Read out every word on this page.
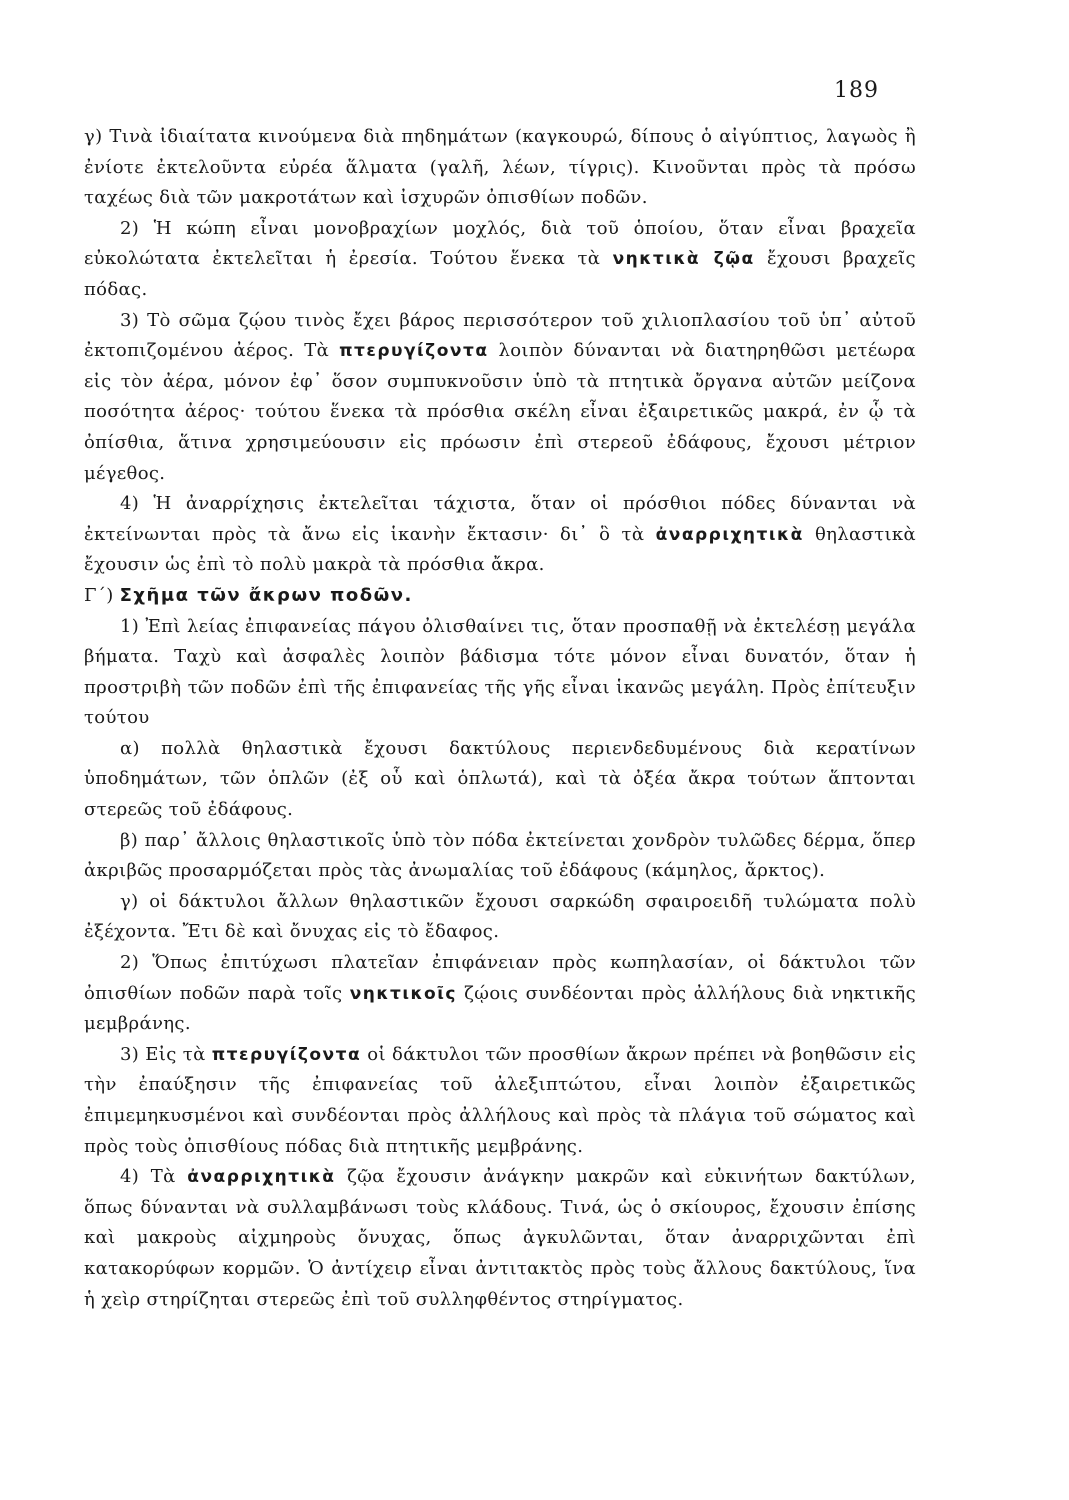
189

γ) Τινὰ ἰδιαίτατα κινούμενα διὰ πηδημάτων (καγκουρώ, δίπους ὁ αἰγύπτιος, λαγωὸς ἢ ἐνίοτε ἐκτελοῦντα εὐρέα ἅλματα (γαλῆ, λέων, τίγρις). Κινοῦνται πρὸς τὰ πρόσω ταχέως διὰ τῶν μακροτάτων καὶ ἰσχυρῶν ὀπισθίων ποδῶν.

2) Ἡ κώπη εἶναι μονοβραχίων μοχλός, διὰ τοῦ ὁποίου, ὅταν εἶναι βραχεῖα εὐκολώτατα ἐκτελεῖται ἡ ἐρεσία. Τούτου ἕνεκα τὰ νηκτικὰ ζῷα ἔχουσι βραχεῖς πόδας.

3) Τὸ σῶμα ζῴου τινὸς ἔχει βάρος περισσότερον τοῦ χιλιοπλασίου τοῦ ὑπ᾽ αὐτοῦ ἐκτοπιζομένου ἀέρος. Τὰ πτερυγίζοντα λοιπὸν δύνανται νὰ διατηρηθῶσι μετέωρα εἰς τὸν ἀέρα, μόνον ἐφ᾽ ὅσον συμπυκνοῦσιν ὑπὸ τὰ πτητικὰ ὄργανα αὐτῶν μείζονα ποσότητα ἀέρος· τούτου ἕνεκα τὰ πρόσθια σκέλη εἶναι ἐξαιρετικῶς μακρά, ἐν ᾧ τὰ ὀπίσθια, ἅτινα χρησιμεύουσιν εἰς πρόωσιν ἐπὶ στερεοῦ ἐδάφους, ἔχουσι μέτριον μέγεθος.

4) Ἡ ἀναρρίχησις ἐκτελεῖται τάχιστα, ὅταν οἱ πρόσθιοι πόδες δύνανται νὰ ἐκτείνωνται πρὸς τὰ ἄνω εἰς ἱκανὴν ἔκτασιν· δι᾽ ὃ τὰ ἀναρριχητικὰ θηλαστικὰ ἔχουσιν ὡς ἐπὶ τὸ πολὺ μακρὰ τὰ πρόσθια ἄκρα.

Γ΄) Σχῆμα τῶν ἄκρων ποδῶν.

1) Ἐπὶ λείας ἐπιφανείας πάγου ὀλισθαίνει τις, ὅταν προσπαθῇ νὰ ἐκτελέσῃ μεγάλα βήματα. Ταχὺ καὶ ἀσφαλὲς λοιπὸν βάδισμα τότε μόνον εἶναι δυνατόν, ὅταν ἡ προστριβὴ τῶν ποδῶν ἐπὶ τῆς ἐπιφανείας τῆς γῆς εἶναι ἱκανῶς μεγάλη. Πρὸς ἐπίτευξιν τούτου

α) πολλὰ θηλαστικὰ ἔχουσι δακτύλους περιενδεδυμένους διὰ κερατίνων ὑποδημάτων, τῶν ὁπλῶν (ἐξ οὗ καὶ ὁπλωτά), καὶ τὰ ὀξέα ἄκρα τούτων ἅπτονται στερεῶς τοῦ ἐδάφους.

β) παρ᾽ ἄλλοις θηλαστικοῖς ὑπὸ τὸν πόδα ἐκτείνεται χονδρὸν τυλῶδες δέρμα, ὅπερ ἀκριβῶς προσαρμόζεται πρὸς τὰς ἀνωμαλίας τοῦ ἐδάφους (κάμηλος, ἄρκτος).

γ) οἱ δάκτυλοι ἄλλων θηλαστικῶν ἔχουσι σαρκώδη σφαιροειδῆ τυλώματα πολὺ ἐξέχοντα. Ἔτι δὲ καὶ ὄνυχας εἰς τὸ ἔδαφος.

2) Ὅπως ἐπιτύχωσι πλατεῖαν ἐπιφάνειαν πρὸς κωπηλασίαν, οἱ δάκτυλοι τῶν ὀπισθίων ποδῶν παρὰ τοῖς νηκτικοῖς ζῴοις συνδέονται πρὸς ἀλλήλους διὰ νηκτικῆς μεμβράνης.

3) Εἰς τὰ πτερυγίζοντα οἱ δάκτυλοι τῶν προσθίων ἄκρων πρέπει νὰ βοηθῶσιν εἰς τὴν ἐπαύξησιν τῆς ἐπιφανείας τοῦ ἀλεξιπτώτου, εἶναι λοιπὸν ἐξαιρετικῶς ἐπιμεμηκυσμένοι καὶ συνδέονται πρὸς ἀλλήλους καὶ πρὸς τὰ πλάγια τοῦ σώματος καὶ πρὸς τοὺς ὀπισθίους πόδας διὰ πτητικῆς μεμβράνης.

4) Τὰ ἀναρριχητικὰ ζῷα ἔχουσιν ἀνάγκην μακρῶν καὶ εὐκινήτων δακτύλων, ὅπως δύνανται νὰ συλλαμβάνωσι τοὺς κλάδους. Τινά, ὡς ὁ σκίουρος, ἔχουσιν ἐπίσης καὶ μακροὺς αἰχμηροὺς ὄνυχας, ὅπως ἀγκυλῶνται, ὅταν ἀναρριχῶνται ἐπὶ κατακορύφων κορμῶν. Ὁ ἀντίχειρ εἶναι ἀντιτακτὸς πρὸς τοὺς ἄλλους δακτύλους, ἵνα ἡ χεὶρ στηρίζηται στερεῶς ἐπὶ τοῦ συλληφθέντος στηρίγματος.
